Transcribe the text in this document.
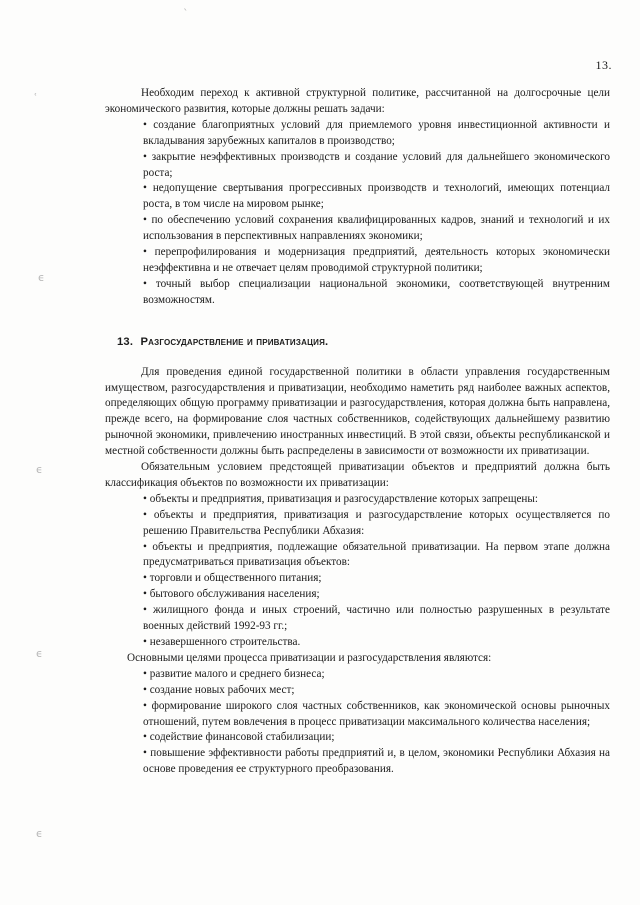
ˋ
ʿ
ϵ
ϵ
ϵ
ϵ
13.

Необходим переход к активной структурной политике, рассчитанной на долгосрочные цели экономического развития, которые должны решать задачи:

• создание благоприятных условий для приемлемого уровня инвестиционной активности и вкладывания зарубежных капиталов в производство;
• закрытие неэффективных производств и создание условий для дальнейшего экономического роста;
• недопущение свертывания прогрессивных производств и технологий, имеющих потенциал роста, в том числе на мировом рынке;
• по обеспечению условий сохранения квалифицированных кадров, знаний и технологий и их использования в перспективных направлениях экономики;
• перепрофилирования и модернизация предприятий, деятельность которых экономически неэффективна и не отвечает целям проводимой структурной политики;
• точный выбор специализации национальной экономики, соответствующей внутренним возможностям.
13. Разгосударствление и приватизация.

Для проведения единой государственной политики в области управления государственным имуществом, разгосударствления и приватизации, необходимо наметить ряд наиболее важных аспектов, определяющих общую программу приватизации и разгосударствления, которая должна быть направлена, прежде всего, на формирование слоя частных собственников, содействующих дальнейшему развитию рыночной экономики, привлечению иностранных инвестиций. В этой связи, объекты республиканской и местной собственности должны быть распределены в зависимости от возможности их приватизации.

Обязательным условием предстоящей приватизации объектов и предприятий должна быть классификация объектов по возможности их приватизации:

• объекты и предприятия, приватизация и разгосударствление которых запрещены:
• объекты и предприятия, приватизация и разгосударствление которых осуществляется по решению Правительства Республики Абхазия:
• объекты и предприятия, подлежащие обязательной приватизации. На первом этапе должна предусматриваться приватизация объектов:
• торговли и общественного питания;
• бытового обслуживания населения;
• жилищного фонда и иных строений, частично или полностью разрушенных в результате военных действий 1992-93 гг.;
• незавершенного строительства.

Основными целями процесса приватизации и разгосударствления являются:

• развитие малого и среднего бизнеса;
• создание новых рабочих мест;
• формирование широкого слоя частных собственников, как экономической основы рыночных отношений, путем вовлечения в процесс приватизации максимального количества населения;
• содействие финансовой стабилизации;
• повышение эффективности работы предприятий и, в целом, экономики Республики Абхазия на основе проведения ее структурного преобразования.
